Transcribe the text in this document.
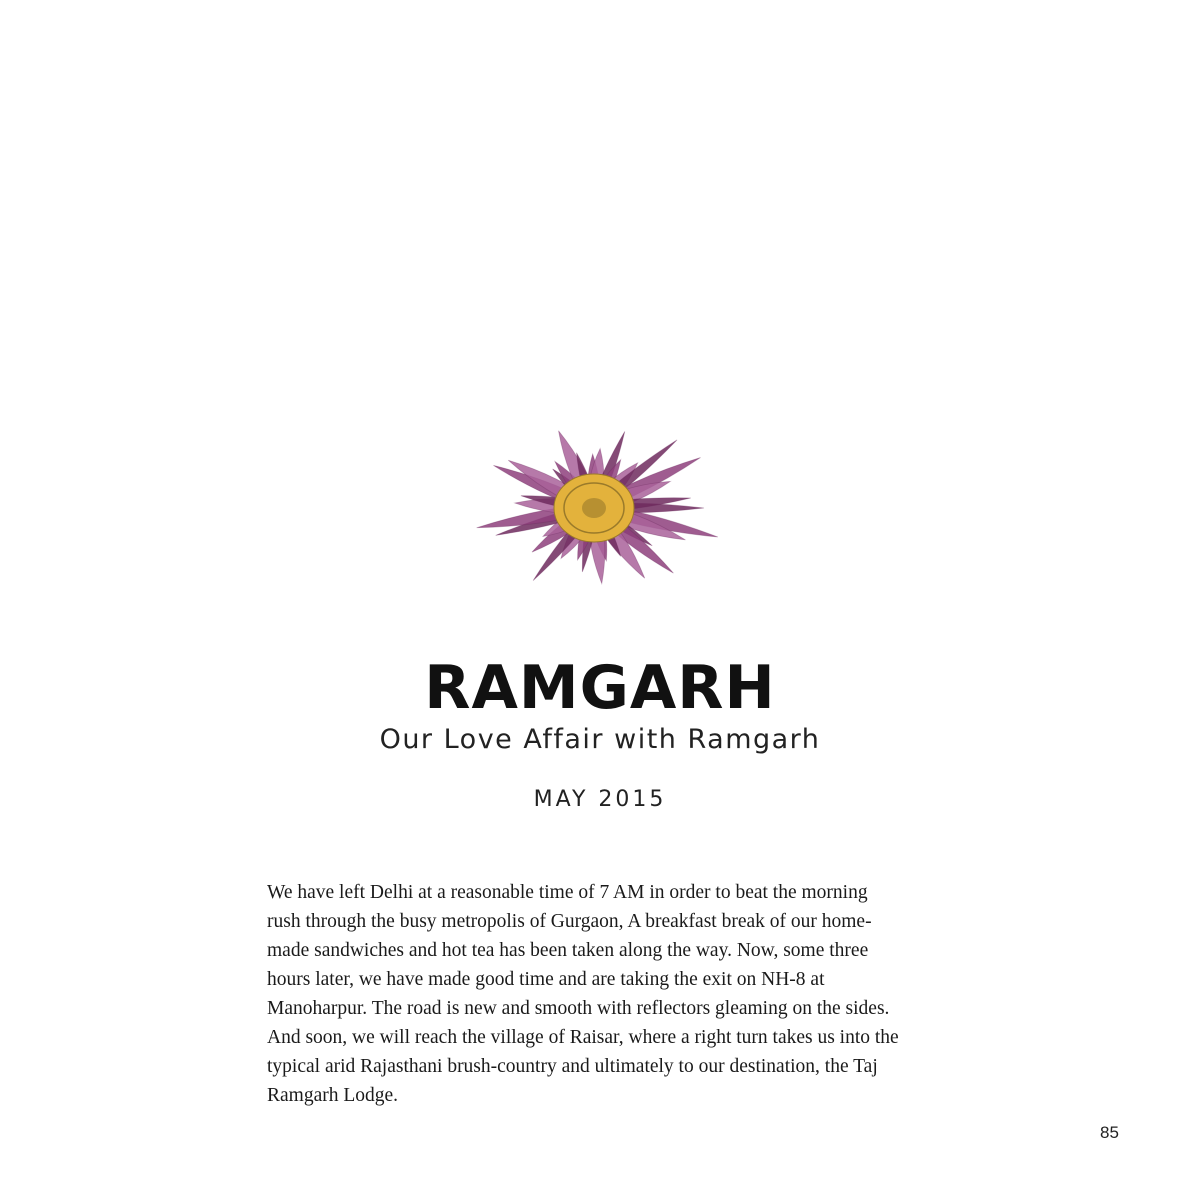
RAMGARH
Our Love Affair with Ramgarh
MAY 2015

We have left Delhi at a reasonable time of 7 AM in order to beat the morning
rush through the busy metropolis of Gurgaon, A breakfast break of our home-
made sandwiches and hot tea has been taken along the way. Now, some three
hours later, we have made good time and are taking the exit on NH-8 at
Manoharpur. The road is new and smooth with reflectors gleaming on the sides.
And soon, we will reach the village of Raisar, where a right turn takes us into the
typical arid Rajasthani brush-country and ultimately to our destination, the Taj
Ramgarh Lodge.

85
